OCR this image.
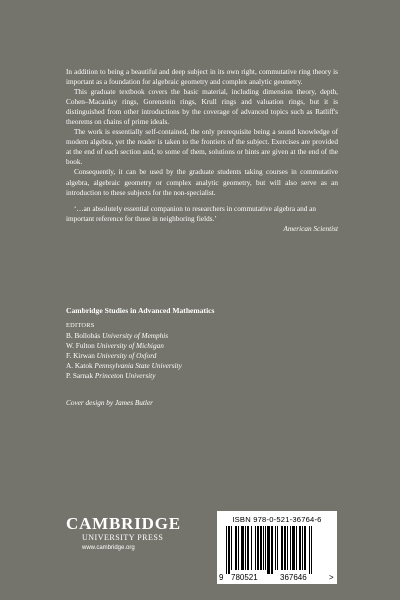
In addition to being a beautiful and deep subject in its own right, commutative ring theory is important as a foundation for algebraic geometry and complex analytic geometry.

This graduate textbook covers the basic material, including dimension theory, depth, Cohen–Macaulay rings, Gorenstein rings, Krull rings and valuation rings, but it is distinguished from other introductions by the coverage of advanced topics such as Ratliff's theorems on chains of prime ideals.

The work is essentially self-contained, the only prerequisite being a sound knowledge of modern algebra, yet the reader is taken to the frontiers of the subject. Exercises are provided at the end of each section and, to some of them, solutions or hints are given at the end of the book.

Consequently, it can be used by the graduate students taking courses in commutative algebra, algebraic geometry or complex analytic geometry, but will also serve as an introduction to these subjects for the non-specialist.

‘…an absolutely essential companion to researchers in commutative algebra and an important reference for those in neighboring fields.’

American Scientist

Cambridge Studies in Advanced Mathematics
EDITORS

B. Bollobás University of Memphis

W. Fulton University of Michigan

F. Kirwan University of Oxford

A. Katok Pennsylvania State University

P. Sarnak Princeton University

Cover design by James Butler
CAMBRIDGE
UNIVERSITY PRESS
www.cambridge.org
ISBN 978-0-521-36764-6
9 780521	367646	>
